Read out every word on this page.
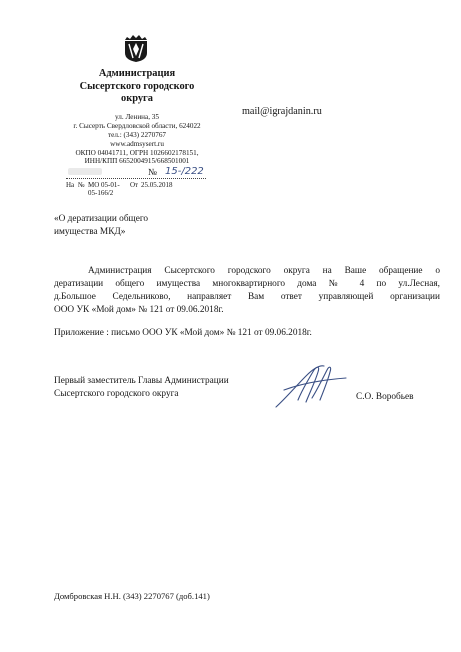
Администрация
Сысертского городского
округа
ул. Ленина, 35
г. Сысерть Свердловской области, 624022
тел.: (343) 2270767
www.admsysert.ru
ОКПО 04041711, ОГРН 1026602178151,
ИНН/КПП 6652004915/668501001
№ 15-/222
На № МО 05-01-05-166/2
От 25.05.2018
mail@igrajdanin.ru
«О дератизации общего
имущества МКД»
Администрация Сысертского городского округа на Ваше обращение о
дератизации общего имущества многоквартирного дома № 4 по ул.Лесная,
д.Большое Седельниково, направляет Вам ответ управляющей организации
ООО УК «Мой дом» № 121 от 09.06.2018г.
Приложение : письмо ООО УК «Мой дом» № 121 от 09.06.2018г.
Первый заместитель Главы Администрации
Сысертского городского округа	С.О. Воробьев
Домбровская Н.Н. (343) 2270767 (доб.141)
